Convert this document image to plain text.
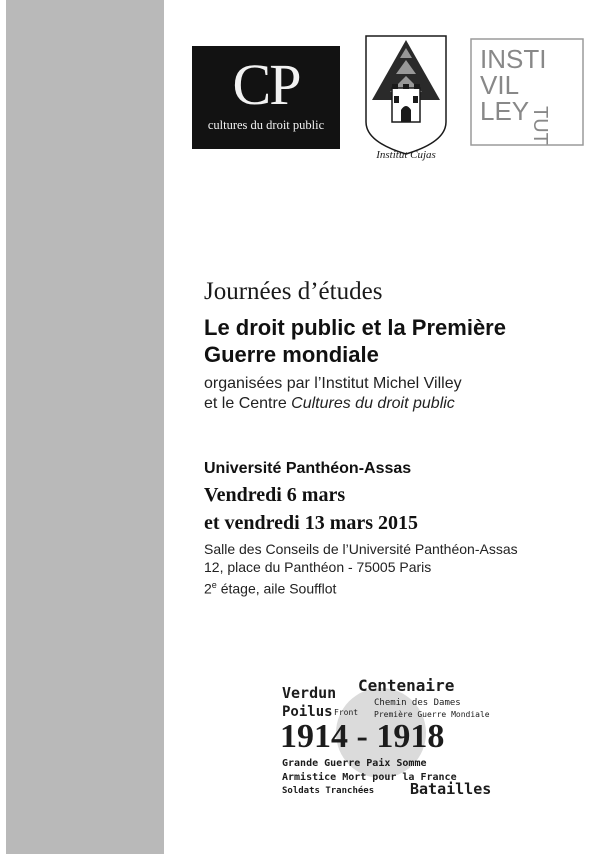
CP
cultures du droit public
Institut Cujas
INSTI
VIL
LEY TUT
Journées d’études
Le droit public et la Première
Guerre mondiale
organisées par l’Institut Michel Villey
et le Centre Cultures du droit public
Université Panthéon-Assas
Vendredi 6 mars
et vendredi 13 mars 2015
Salle des Conseils de l’Université Panthéon-Assas
12, place du Panthéon - 75005 Paris
2e étage, aile Soufflot
Verdun Centenaire
Poilus Front
Chemin des Dames
Première Guerre Mondiale
1914 - 1918
Grande Guerre Paix Somme
Armistice Mort pour la France
Soldats Tranchées Batailles
